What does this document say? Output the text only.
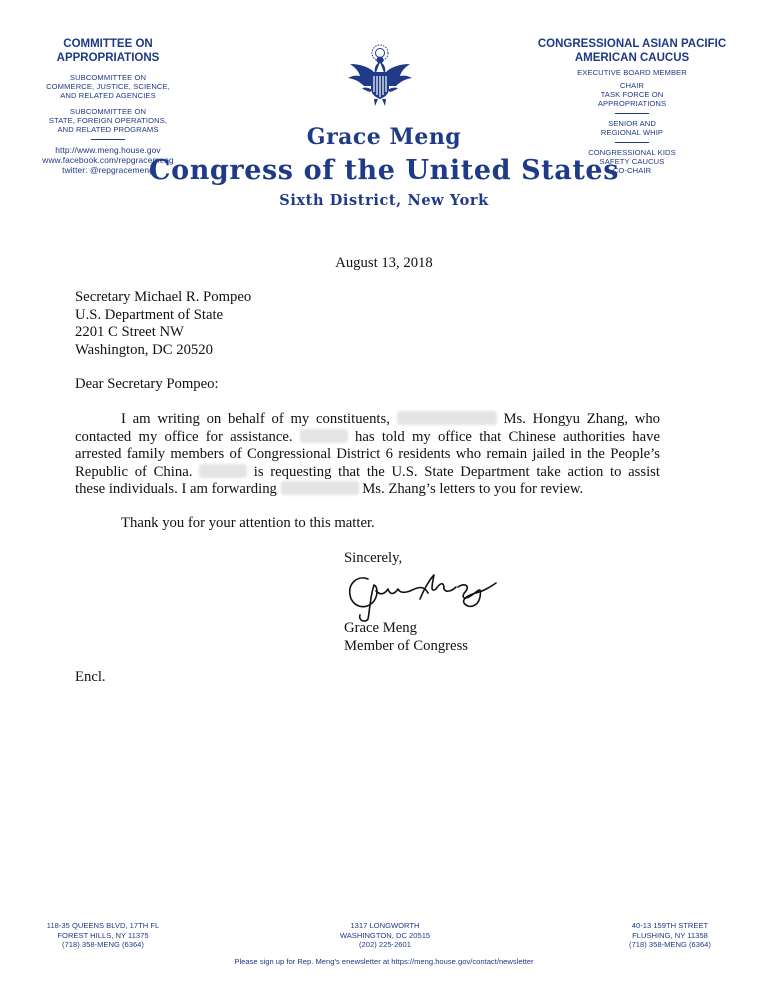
COMMITTEE ON
APPROPRIATIONS
SUBCOMMITTEE ON
COMMERCE, JUSTICE, SCIENCE,
AND RELATED AGENCIES
SUBCOMMITTEE ON
STATE, FOREIGN OPERATIONS,
AND RELATED PROGRAMS
http://www.meng.house.gov
www.facebook.com/repgracemeng
twitter: @repgracemeng
CONGRESSIONAL ASIAN PACIFIC
AMERICAN CAUCUS
EXECUTIVE BOARD MEMBER
CHAIR
TASK FORCE ON
APPROPRIATIONS
SENIOR AND
REGIONAL WHIP
CONGRESSIONAL KIDS
SAFETY CAUCUS
CO-CHAIR
Grace Meng
Congress of the United States
Sixth District, New York
August 13, 2018
Secretary Michael R. Pompeo
U.S. Department of State
2201 C Street NW
Washington, DC 20520
Dear Secretary Pompeo:
I am writing on behalf of my constituents,	Ms. Hongyu Zhang, who
contacted my office for assistance.	has told my office that Chinese authorities have
arrested family members of Congressional District 6 residents who remain jailed in the People’s
Republic of China.	is requesting that the U.S. State Department take action to assist
these individuals. I am forwarding	Ms. Zhang’s letters to you for review.
Thank you for your attention to this matter.
Sincerely,
Grace Meng
Member of Congress
Encl.
118-35 QUEENS BLVD, 17TH FL
FOREST HILLS, NY 11375
(718) 358-MENG (6364)
1317 LONGWORTH
WASHINGTON, DC 20515
(202) 225-2601
40-13 159TH STREET
FLUSHING, NY 11358
(718) 358-MENG (6364)
Please sign up for Rep. Meng’s enewsletter at https://meng.house.gov/contact/newsletter
